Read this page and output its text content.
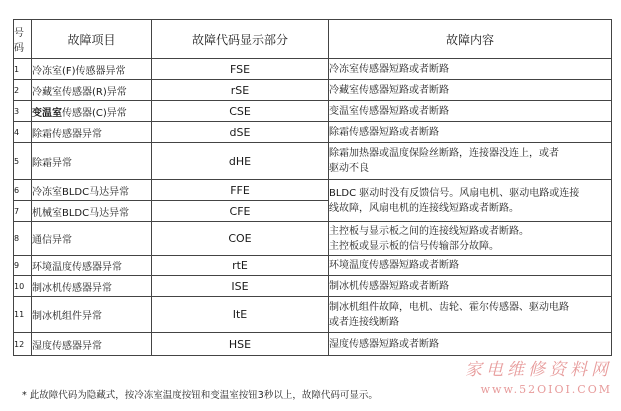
号码	故障项目	故障代码显示部分	故障内容
1	冷冻室(F)传感器异常	FSE	冷冻室传感器短路或者断路
2	冷藏室传感器(R)异常	rSE	冷藏室传感器短路或者断路
3	变温室传感器(C)异常	CSE	变温室传感器短路或者断路
4	除霜传感器异常	dSE	除霜传感器短路或者断路
5	除霜异常	dHE	除霜加热器或温度保险丝断路，连接器没连上，或者
驱动不良

6	冷冻室BLDC马达异常	FFE	BLDC 驱动时没有反馈信号。风扇电机、驱动电路或连接
线故障，风扇电机的连接线短路或者断路。

7	机械室BLDC马达异常	CFE	
8	通信异常	COE	主控板与显示板之间的连接线短路或者断路。
主控板或显示板的信号传输部分故障。

9	环境温度传感器异常	rtE	环境温度传感器短路或者断路
10	制冰机传感器异常	ISE	制冰机传感器短路或者断路
11	制冰机组件异常	ItE	制冰机组件故障，电机、齿轮、霍尔传感器、驱动电路
或者连接线断路

12	湿度传感器异常	HSE	湿度传感器短路或者断路
* 此故障代码为隐藏式，按冷冻室温度按钮和变温室按钮3秒以上，故障代码可显示。
家电维修资料网
www.52OIOI.COM
